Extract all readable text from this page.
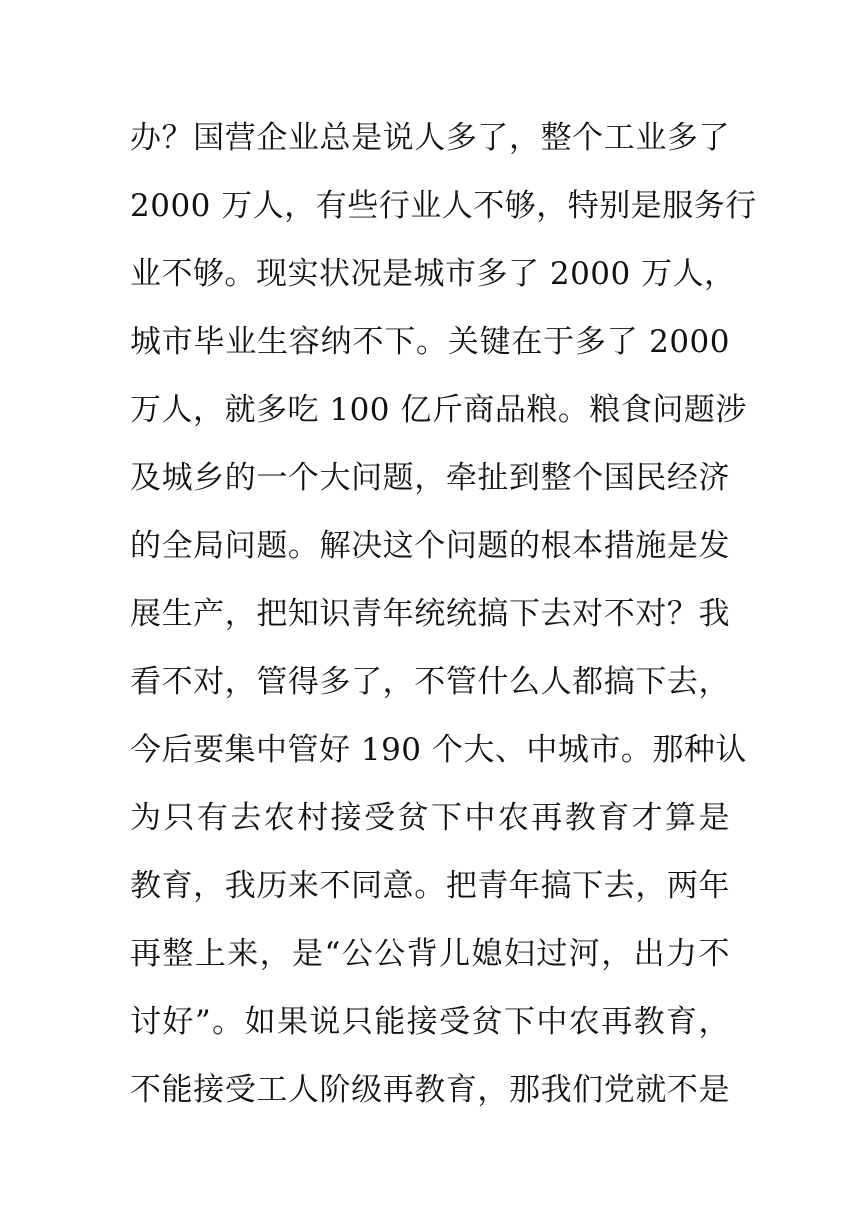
办？国营企业总是说人多了，整个工业多了
2000 万人，有些行业人不够，特别是服务行
业不够。现实状况是城市多了 2000 万人，
城市毕业生容纳不下。关键在于多了 2000
万人，就多吃 100 亿斤商品粮。粮食问题涉
及城乡的一个大问题，牵扯到整个国民经济
的全局问题。解决这个问题的根本措施是发
展生产，把知识青年统统搞下去对不对？我
看不对，管得多了，不管什么人都搞下去，
今后要集中管好 190 个大、中城市。那种认
为只有去农村接受贫下中农再教育才算是
教育，我历来不同意。把青年搞下去，两年
再整上来，是“公公背儿媳妇过河，出力不
讨好”。如果说只能接受贫下中农再教育，
不能接受工人阶级再教育，那我们党就不是
